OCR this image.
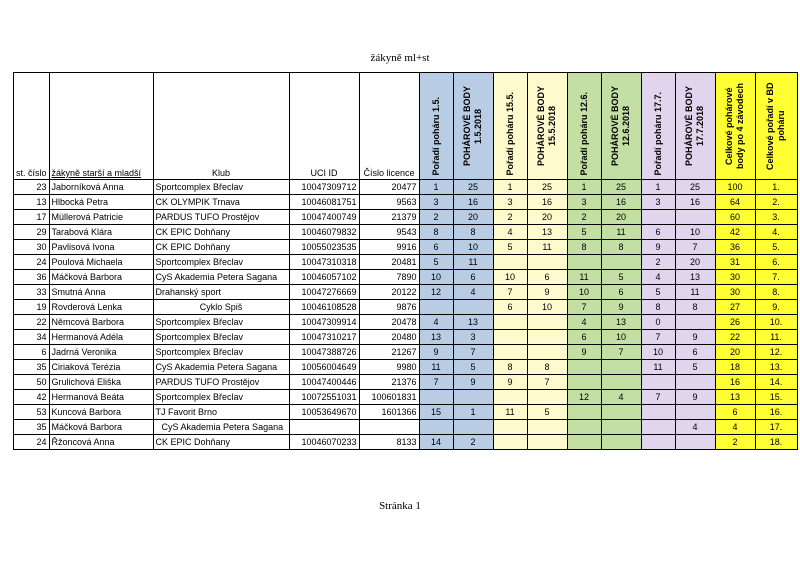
žákyně ml+st
st. číslo	žákyně starší a mladší	Klub	UCI ID	Číslo licence	Pořadí poháru 1.5.	POHÁROVÉ BODY 1.5.2018	Pořadí poháru 15.5.	POHÁROVÉ BODY 15.5.2018	Pořadí poháru 12.6.	POHÁROVÉ BODY 12.6.2018	Pořadí poháru 17.7.	POHÁROVÉ BODY 17.7.2018	Celkové pohárové body po 4 závodech	Celkové pořadí v BD poháru
23	Jaborníková Anna	Sportcomplex Břeclav	10047309712	20477	1	25	1	25	1	25	1	25	100	1.
13	Hlbocká Petra	CK OLYMPIK Trnava	10046081751	9563	3	16	3	16	3	16	3	16	64	2.
17	Müllerová Patricie	PARDUS TUFO Prostějov	10047400749	21379	2	20	2	20	2	20			60	3.
29	Tarabová Klára	CK EPIC Dohňany	10046079832	9543	8	8	4	13	5	11	6	10	42	4.
30	Pavlisová Ivona	CK EPIC Dohňany	10055023535	9916	6	10	5	11	8	8	9	7	36	5.
24	Poulová Michaela	Sportcomplex Břeclav	10047310318	20481	5	11					2	20	31	6.
36	Máčková Barbora	CyS Akademia Petera Sagana	10046057102	7890	10	6	10	6	11	5	4	13	30	7.
33	Smutná Anna	Drahanský sport	10047276669	20122	12	4	7	9	10	6	5	11	30	8.
19	Rovderová Lenka	Cyklo Spiš	10046108528	9876			6	10	7	9	8	8	27	9.
22	Němcová Barbora	Sportcomplex Břeclav	10047309914	20478	4	13			4	13	0		26	10.
34	Hermanová Adéla	Sportcomplex Břeclav	10047310217	20480	13	3			6	10	7	9	22	11.
6	Jadrná Veronika	Sportcomplex Břeclav	10047388726	21267	9	7			9	7	10	6	20	12.
35	Ciriaková Terézia	CyS Akademia Petera Sagana	10056004649	9980	11	5	8	8			11	5	18	13.
50	Grulichová Eliška	PARDUS TUFO Prostějov	10047400446	21376	7	9	9	7					16	14.
42	Hermanová Beáta	Sportcomplex Břeclav	10072551031	100601831					12	4	7	9	13	15.
53	Kuncová Barbora	TJ Favorit Brno	10053649670	1601366	15	1	11	5					6	16.
35	Máčková Barbora	CyS Akademia Petera Sagana										4	4	17.
24	Řžoncová Anna	CK EPIC Dohňany	10046070233	8133	14	2							2	18.
Stránka 1
